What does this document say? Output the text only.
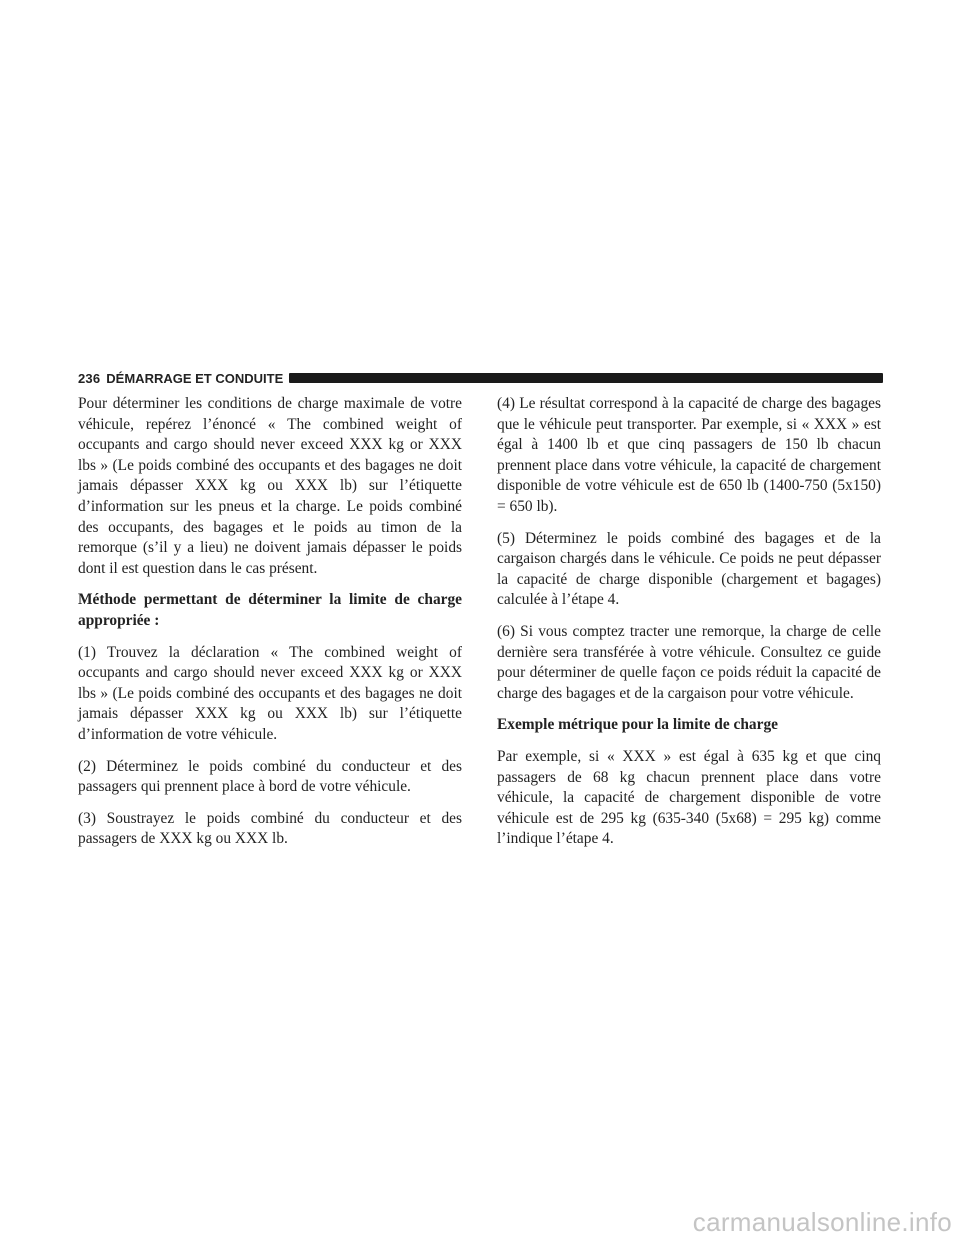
236 DÉMARRAGE ET CONDUITE

Pour déterminer les conditions de charge maximale de votre véhicule, repérez l’énoncé « The combined weight of occupants and cargo should never exceed XXX kg or XXX lbs » (Le poids combiné des occupants et des bagages ne doit jamais dépasser XXX kg ou XXX lb) sur l’étiquette d’information sur les pneus et la charge. Le poids combiné des occupants, des bagages et le poids au timon de la remorque (s’il y a lieu) ne doivent jamais dépasser le poids dont il est question dans le cas présent.

Méthode permettant de déterminer la limite de charge appropriée :

(1) Trouvez la déclaration « The combined weight of occupants and cargo should never exceed XXX kg or XXX lbs » (Le poids combiné des occupants et des bagages ne doit jamais dépasser XXX kg ou XXX lb) sur l’étiquette d’information de votre véhicule.

(2) Déterminez le poids combiné du conducteur et des passagers qui prennent place à bord de votre véhicule.

(3) Soustrayez le poids combiné du conducteur et des passagers de XXX kg ou XXX lb.

(4) Le résultat correspond à la capacité de charge des bagages que le véhicule peut transporter. Par exemple, si « XXX » est égal à 1400 lb et que cinq passagers de 150 lb chacun prennent place dans votre véhicule, la capacité de chargement disponible de votre véhicule est de 650 lb (1400-750 (5x150) = 650 lb).

(5) Déterminez le poids combiné des bagages et de la cargaison chargés dans le véhicule. Ce poids ne peut dépasser la capacité de charge disponible (chargement et bagages) calculée à l’étape 4.

(6) Si vous comptez tracter une remorque, la charge de celle dernière sera transférée à votre véhicule. Consultez ce guide pour déterminer de quelle façon ce poids réduit la capacité de charge des bagages et de la cargaison pour votre véhicule.

Exemple métrique pour la limite de charge

Par exemple, si « XXX » est égal à 635 kg et que cinq passagers de 68 kg chacun prennent place dans votre véhicule, la capacité de chargement disponible de votre véhicule est de 295 kg (635-340 (5x68) = 295 kg) comme l’indique l’étape 4.

carmanualsonline.info
